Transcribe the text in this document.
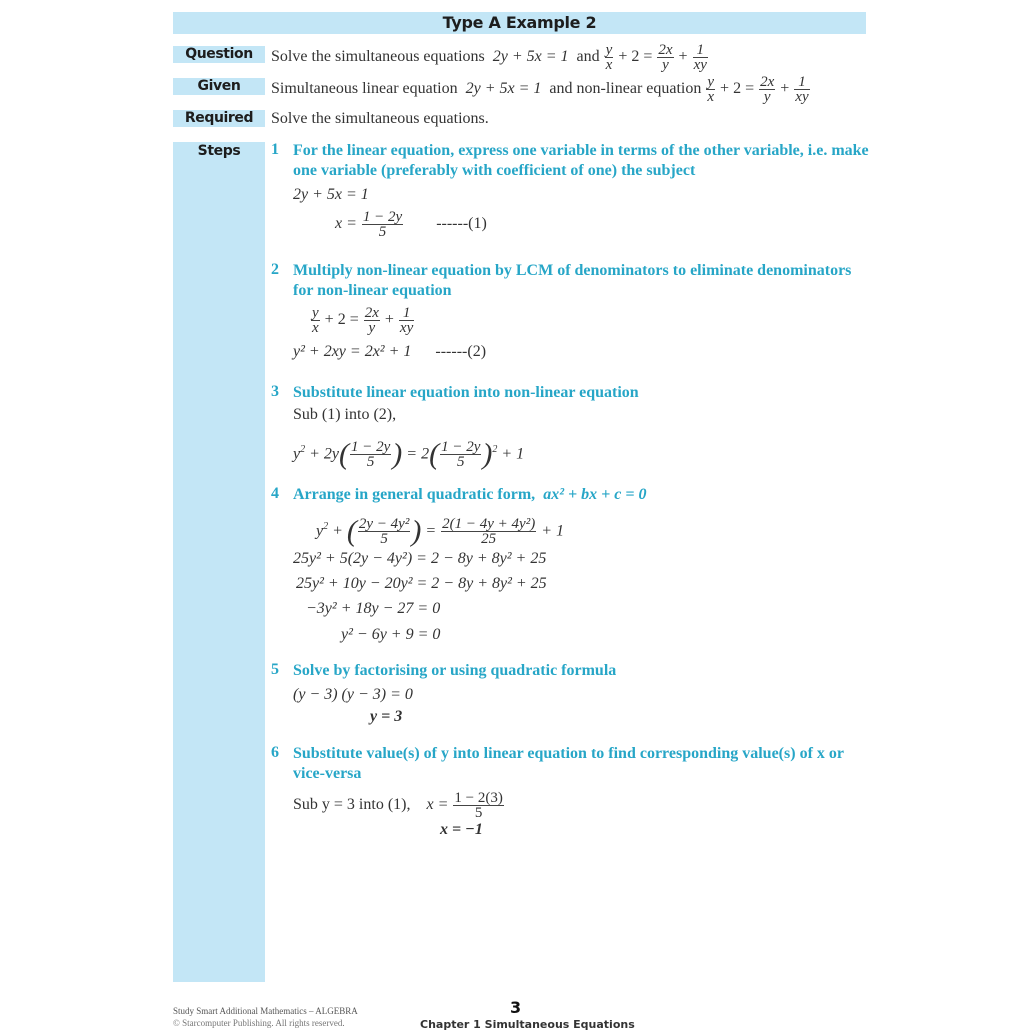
Type A Example 2
Question	Solve the simultaneous equations 2y + 5x = 1 and $\frac{y}{x} + 2 = \frac{2x}{y} + \frac{1}{xy}$
Given	Simultaneous linear equation 2y + 5x = 1 and non-linear equation $\frac{y}{x} + 2 = \frac{2x}{y} + \frac{1}{xy}$
Required	Solve the simultaneous equations.
Steps	1 For the linear equation, express one variable in terms of the other variable, i.e. make one variable (preferably with coefficient of one) the subject
2y + 5x = 1
$x = \frac{1 - 2y}{5} ------(1)$
2 Multiply non-linear equation by LCM of denominators to eliminate denominators for non-linear equation
$\frac{y}{x} + 2 = \frac{2x}{y} + \frac{1}{xy}$
y² + 2xy = 2x² + 1 ------(2)
3 Substitute linear equation into non-linear equation
Sub (1) into (2),
$y^2 + 2y( \frac{1 - 2y}{5}$ ) = $2( \frac{1 - 2y}{5} )^2 + 1$
4 Arrange in general quadratic form, ax² + bx + c = 0
$y^2$ + ( $\frac{\text{2y − 4y²}}{5}$ ) = $\frac{\text{2(1 − 4y + 4y²)}}{25} + 1$
25y² + 5(2y − 4y²) = 2 − 8y + 8y² + 25
25y² + 10y − 20y² = 2 − 8y + 8y² + 25
−3y² + 18y − 27 = 0
y² − 6y + 9 = 0
5 Solve by factorising or using quadratic formula
(y − 3) (y − 3) = 0
y = 3
6 Substitute value(s) of y into linear equation to find corresponding value(s) of x or vice-versa
Sub y = 3 into (1), $x = \frac{1 - 2(3)}{5}$
x = −1
Study Smart Additional Mathematics – ALGEBRA
© Starcomputer Publishing. All rights reserved.
3
Chapter 1 Simultaneous Equations
